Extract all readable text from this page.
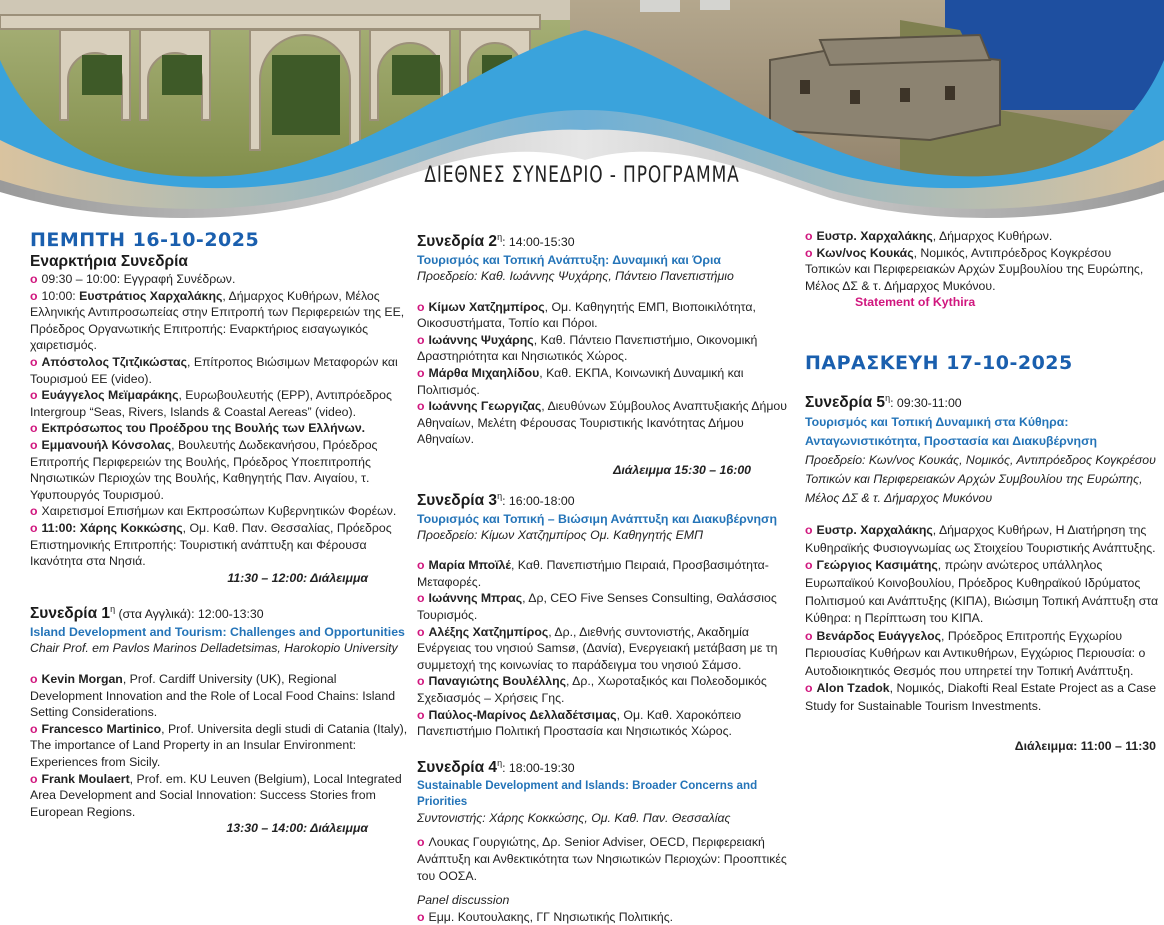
ΔΙΕΘΝΕΣ ΣΥΝΕΔΡΙΟ - ΠΡΟΓΡΑΜΜΑ
ΠΕΜΠΤΗ 16-10-2025
Εναρκτήρια Συνεδρία
o 09:30 – 10:00: Εγγραφή Συνέδρων.
o 10:00: Ευστράτιος Χαρχαλάκης, Δήμαρχος Κυθήρων, Μέλος Ελληνικής Αντιπροσωπείας στην Επιτροπή των Περιφερειών της ΕΕ, Πρόεδρος Οργανωτικής Επιτροπής: Εναρκτήριος εισαγωγικός χαιρετισμός.
o Απόστολος Τζιτζικώστας, Επίτροπος Βιώσιμων Μεταφορών και Τουρισμού ΕΕ (video).
o Ευάγγελος Μεϊμαράκης, Ευρωβουλευτής (EPP), Αντιπρόεδρος Intergroup “Seas, Rivers, Islands & Coastal Aereas” (video).
o Εκπρόσωπος του Προέδρου της Βουλής των Ελλήνων.
o Εμμανουήλ Κόνσολας, Βουλευτής Δωδεκανήσου, Πρόεδρος Επιτροπής Περιφερειών της Βουλής, Πρόεδρος Υποεπιτροπής Νησιωτικών Περιοχών της Βουλής, Καθηγητής Παν. Αιγαίου, τ. Υφυπουργός Τουρισμού.
o Χαιρετισμοί Επισήμων και Εκπροσώπων Κυβερνητικών Φορέων.
o 11:00: Χάρης Κοκκώσης, Ομ. Καθ. Παν. Θεσσαλίας, Πρόεδρος Επιστημονικής Επιτροπής: Τουριστική ανάπτυξη και Φέρουσα Ικανότητα στα Νησιά.
11:30 – 12:00: Διάλειμμα
Συνεδρία $1^\eta$ (στα Αγγλικά): 12:00-13:30
Island Development and Tourism: Challenges and Opportunities
Chair Prof. em Pavlos Marinos Delladetsimas, Harokopio University
o Kevin Morgan, Prof. Cardiff University (UK), Regional Development Innovation and the Role of Local Food Chains: Island Setting Considerations.
o Francesco Martinico, Prof. Universita degli studi di Catania (Italy), The importance of Land Property in an Insular Environment: Experiences from Sicily.
o Frank Moulaert, Prof. em. KU Leuven (Belgium), Local Integrated Area Development and Social Innovation: Success Stories from European Regions.
13:30 – 14:00: Διάλειμμα
Συνεδρία $2^\eta$: 14:00-15:30
Τουρισμός και Τοπική Ανάπτυξη: Δυναμική και Όρια
Προεδρείο: Καθ. Ιωάννης Ψυχάρης, Πάντειο Πανεπιστήμιο
o Κίμων Χατζημπίρος, Ομ. Καθηγητής ΕΜΠ, Βιοποικιλότητα, Οικοσυστήματα, Τοπίο και Πόροι.
o Ιωάννης Ψυχάρης, Καθ. Πάντειο Πανεπιστήμιο, Οικονομική Δραστηριότητα και Νησιωτικός Χώρος.
o Μάρθα Μιχαηλίδου, Καθ. ΕΚΠΑ, Κοινωνική Δυναμική και Πολιτισμός.
o Ιωάννης Γεωργιζας, Διευθύνων Σύμβουλος Αναπτυξιακής Δήμου Αθηναίων, Μελέτη Φέρουσας Τουριστικής Ικανότητας Δήμου Αθηναίων.
Διάλειμμα 15:30 – 16:00
Συνεδρία $3^\eta$: 16:00-18:00
Τουρισμός και Τοπική – Βιώσιμη Ανάπτυξη και Διακυβέρνηση
Προεδρείο: Κίμων Χατζημπίρος Ομ. Καθηγητής ΕΜΠ
o Μαρία Μποϊλέ, Καθ. Πανεπιστήμιο Πειραιά, Προσβασιμότητα-Μεταφορές.
o Ιωάννης Μπρας, Δρ, CEO Five Senses Consulting, Θαλάσσιος Τουρισμός.
o Αλέξης Χατζημπίρος, Δρ., Διεθνής συντονιστής, Ακαδημία Ενέργειας του νησιού Samsø, (Δανία), Ενεργειακή μετάβαση με τη συμμετοχή της κοινωνίας το παράδειγμα του νησιού Σάμσο.
o Παναγιώτης Βουλέλλης, Δρ., Χωροταξικός και Πολεοδομικός Σχεδιασμός – Χρήσεις Γης.
o Παύλος-Μαρίνος Δελλαδέτσιμας, Ομ. Καθ. Χαροκόπειο Πανεπιστήμιο Πολιτική Προστασία και Νησιωτικός Χώρος.
Συνεδρία $4^\eta$: 18:00-19:30
Sustainable Development and Islands: Broader Concerns and Priorities
Συντονιστής: Χάρης Κοκκώσης, Ομ. Καθ. Παν. Θεσσαλίας
o Λουκας Γουργιώτης, Δρ. Senior Adviser, OECD, Περιφερειακή Ανάπτυξη και Ανθεκτικότητα των Νησιωτικών Περιοχών: Προοπτικές του ΟΟΣΑ.
Panel discussion
o Εμμ. Κουτουλακης, ΓΓ Νησιωτικής Πολιτικής.
o Ευστρ. Χαρχαλάκης, Δήμαρχος Κυθήρων.
o Κων/νος Κουκάς, Νομικός, Αντιπρόεδρος Κογκρέσου Τοπικών και Περιφερειακών Αρχών Συμβουλίου της Ευρώπης, Μέλος ΔΣ & τ. Δήμαρχος Μυκόνου.
Statement of Kythira
ΠΑΡΑΣΚΕΥΗ 17-10-2025
Συνεδρία $5^\eta$: 09:30-11:00
Τουρισμός και Τοπική Δυναμική στα Κύθηρα: Ανταγωνιστικότητα, Προστασία και Διακυβέρνηση
Προεδρείο: Κων/νος Κουκάς, Νομικός, Αντιπρόεδρος Κογκρέσου Τοπικών και Περιφερειακών Αρχών Συμβουλίου της Ευρώπης, Μέλος ΔΣ & τ. Δήμαρχος Μυκόνου
o Ευστρ. Χαρχαλάκης, Δήμαρχος Κυθήρων, Η Διατήρηση της Κυθηραϊκής Φυσιογνωμίας ως Στοιχείου Τουριστικής Ανάπτυξης.
o Γεώργιος Κασιμάτης, πρώην ανώτερος υπάλληλος Ευρωπαϊκού Κοινοβουλίου, Πρόεδρος Κυθηραϊκού Ιδρύματος Πολιτισμού και Ανάπτυξης (ΚΙΠΑ), Βιώσιμη Τοπική Ανάπτυξη στα Κύθηρα: η Περίπτωση του ΚΙΠΑ.
o Βενάρδος Ευάγγελος, Πρόεδρος Επιτροπής Εγχωρίου Περιουσίας Κυθήρων και Αντικυθήρων, Εγχώριος Περιουσία: ο Αυτοδιοικητικός Θεσμός που υπηρετεί την Τοπική Ανάπτυξη.
o Alon Tzadok, Νομικός, Diakofti Real Estate Project as a Case Study for Sustainable Tourism Investments.
Διάλειμμα: 11:00 – 11:30
